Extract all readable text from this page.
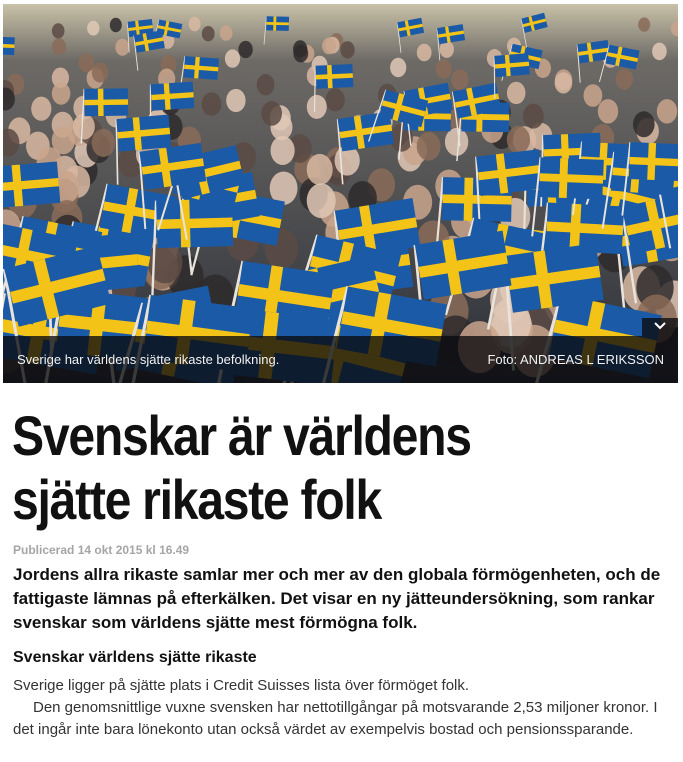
Sverige har världens sjätte rikaste befolkning.	Foto: ANDREAS L ERIKSSON
Svenskar är världens
sjätte rikaste folk
Publicerad 14 okt 2015 kl 16.49

Jordens allra rikaste samlar mer och mer av den globala förmögenheten, och de fattigaste lämnas på efterkälken. Det visar en ny jätteundersökning, som rankar svenskar som världens sjätte mest förmögna folk.

Svenskar världens sjätte rikaste

Sverige ligger på sjätte plats i Credit Suisses lista över förmöget folk.

Den genomsnittlige vuxne svensken har nettotillgångar på motsvarande 2,53 miljoner kronor. I det ingår inte bara lönekonto utan också värdet av exempelvis bostad och pensionssparande.
